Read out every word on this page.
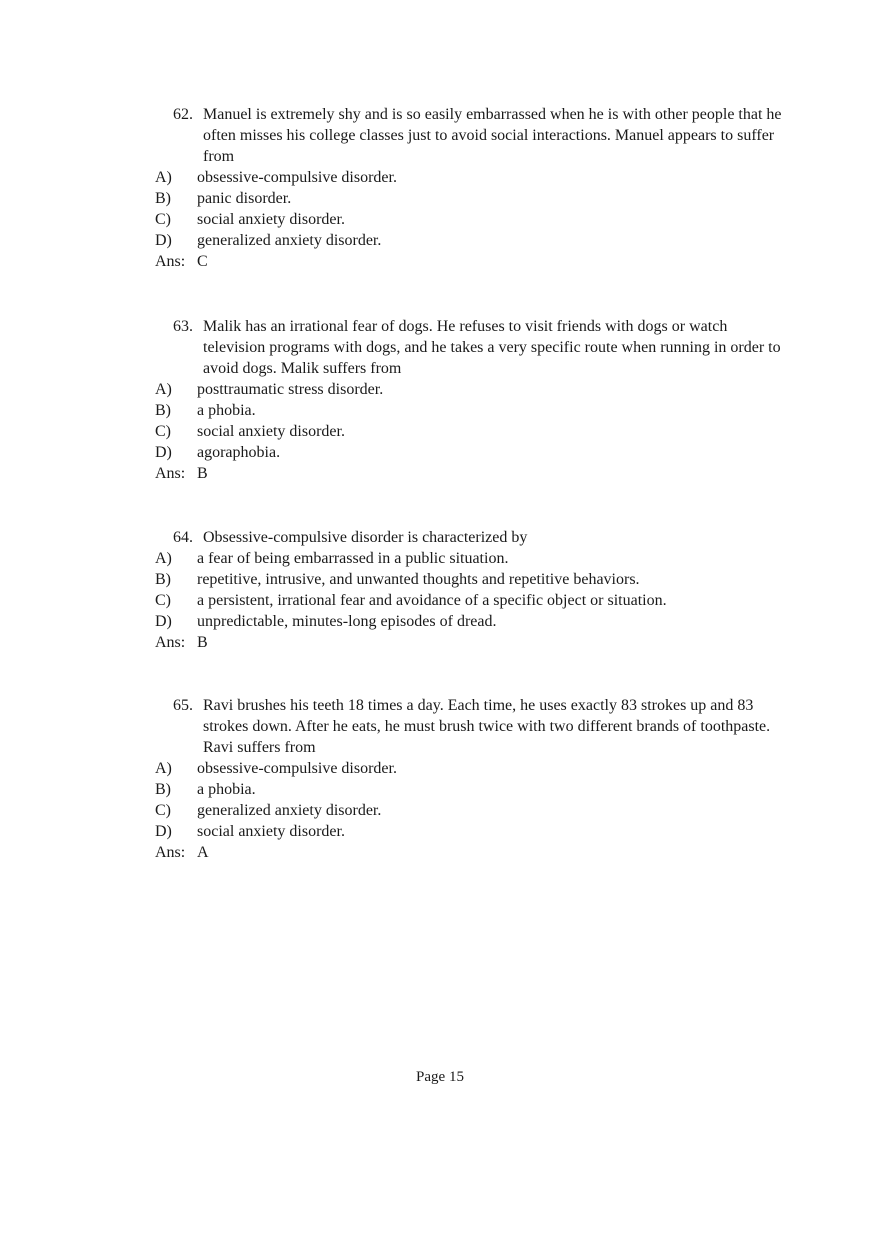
62. Manuel is extremely shy and is so easily embarrassed when he is with other people that he often misses his college classes just to avoid social interactions. Manuel appears to suffer from
A) obsessive-compulsive disorder.
B) panic disorder.
C) social anxiety disorder.
D) generalized anxiety disorder.
Ans: C
63. Malik has an irrational fear of dogs. He refuses to visit friends with dogs or watch television programs with dogs, and he takes a very specific route when running in order to avoid dogs. Malik suffers from
A) posttraumatic stress disorder.
B) a phobia.
C) social anxiety disorder.
D) agoraphobia.
Ans: B
64. Obsessive-compulsive disorder is characterized by
A) a fear of being embarrassed in a public situation.
B) repetitive, intrusive, and unwanted thoughts and repetitive behaviors.
C) a persistent, irrational fear and avoidance of a specific object or situation.
D) unpredictable, minutes-long episodes of dread.
Ans: B
65. Ravi brushes his teeth 18 times a day. Each time, he uses exactly 83 strokes up and 83 strokes down. After he eats, he must brush twice with two different brands of toothpaste. Ravi suffers from
A) obsessive-compulsive disorder.
B) a phobia.
C) generalized anxiety disorder.
D) social anxiety disorder.
Ans: A
Page 15
